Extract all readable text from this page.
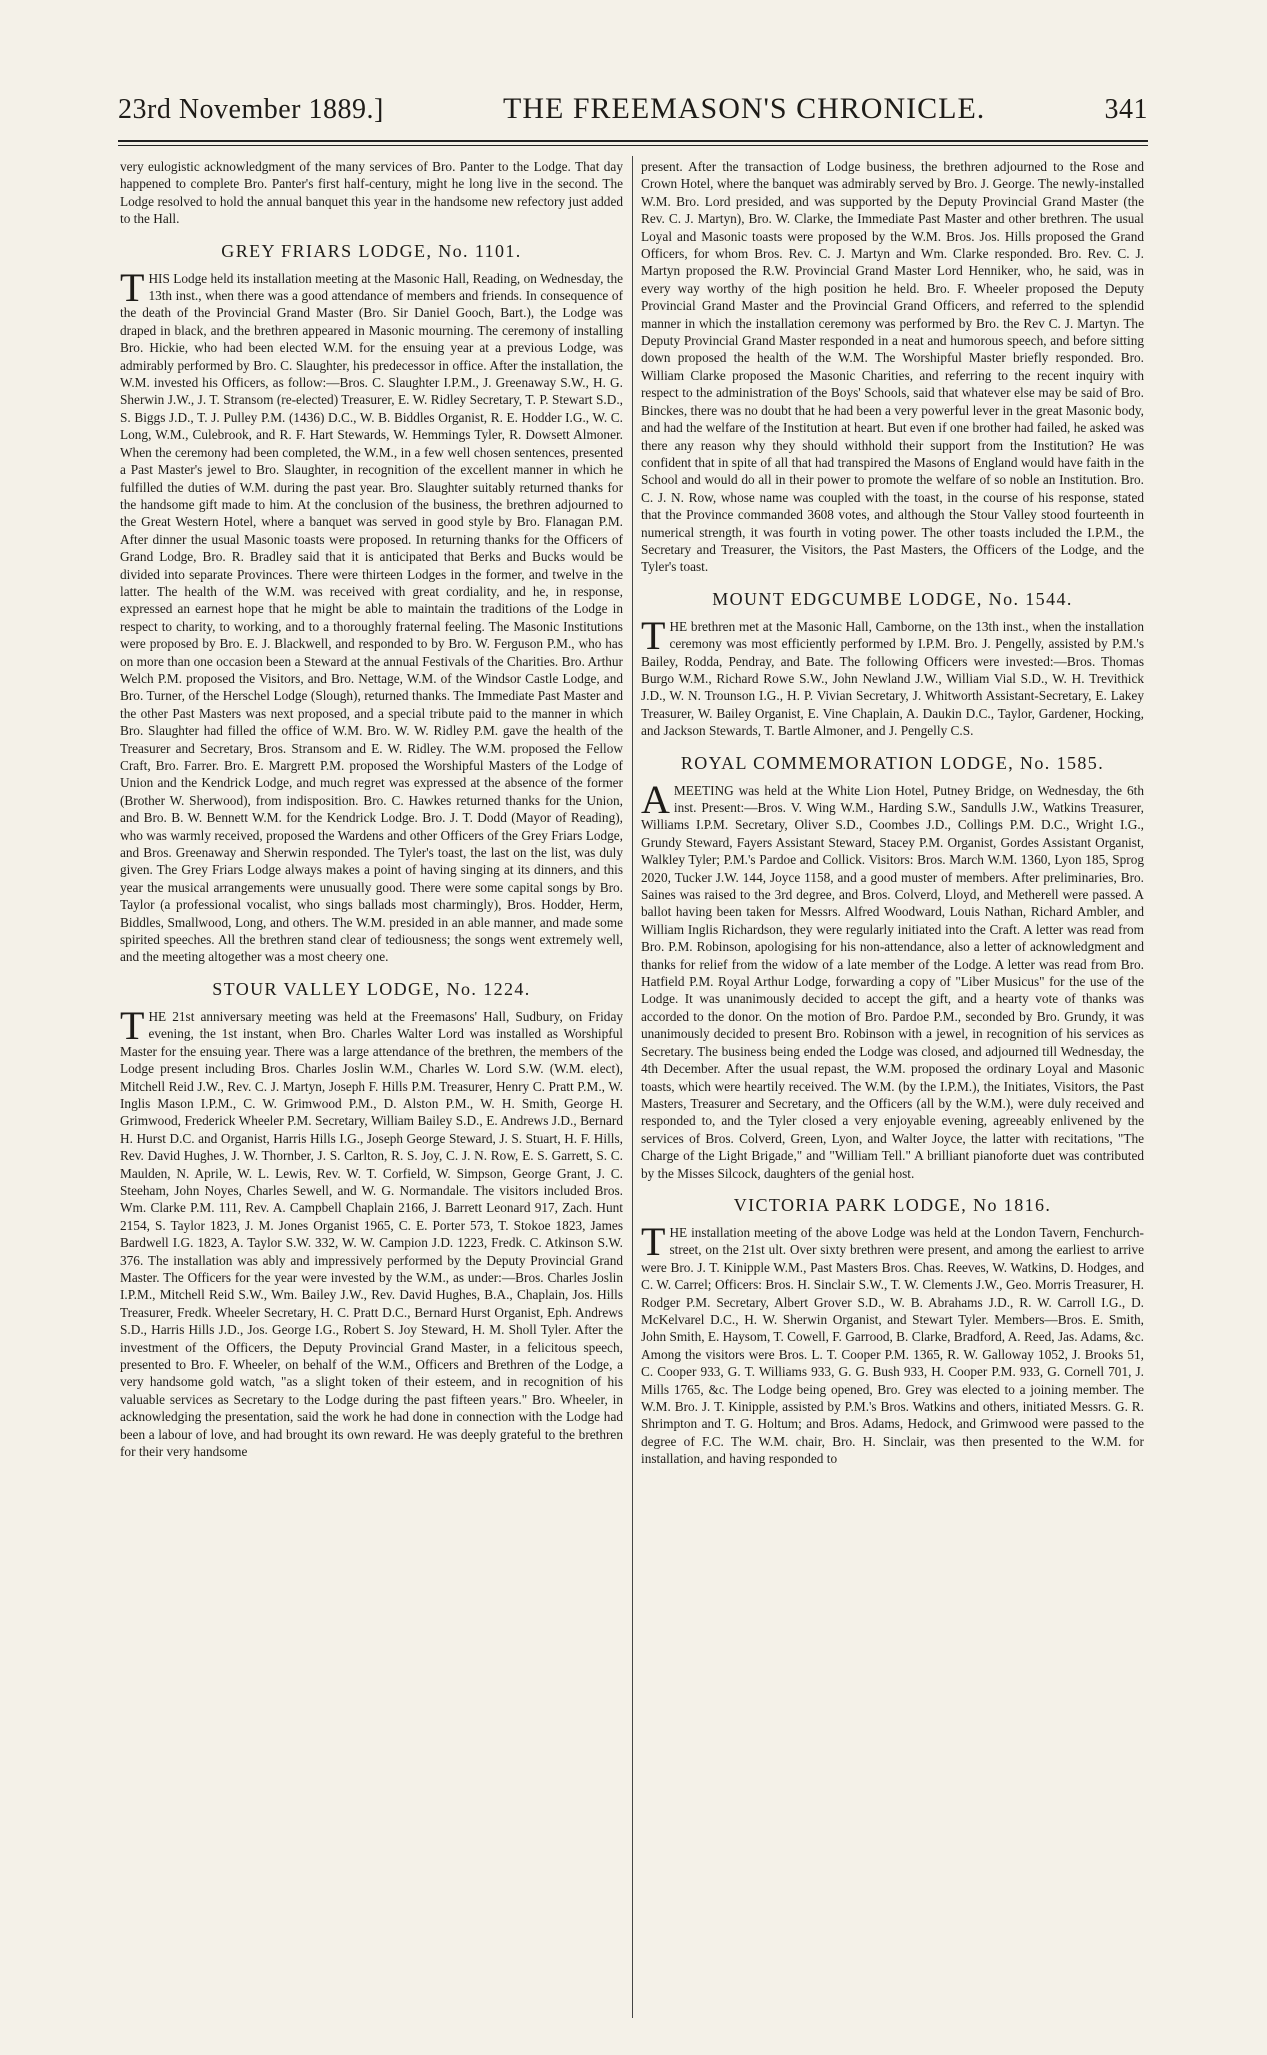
23rd November 1889.]	THE FREEMASON'S CHRONICLE.	341

very eulogistic acknowledgment of the many services of Bro. Panter to the Lodge. That day happened to complete Bro. Panter's first half-century, might he long live in the second. The Lodge resolved to hold the annual banquet this year in the handsome new refectory just added to the Hall.

GREY FRIARS LODGE, No. 1101.

THIS Lodge held its installation meeting at the Masonic Hall, Reading, on Wednesday, the 13th inst., when there was a good attendance of members and friends. In consequence of the death of the Provincial Grand Master (Bro. Sir Daniel Gooch, Bart.), the Lodge was draped in black, and the brethren appeared in Masonic mourning. The ceremony of installing Bro. Hickie, who had been elected W.M. for the ensuing year at a previous Lodge, was admirably performed by Bro. C. Slaughter, his predecessor in office. After the installation, the W.M. invested his Officers, as follow:—Bros. C. Slaughter I.P.M., J. Greenaway S.W., H. G. Sherwin J.W., J. T. Stransom (re-elected) Treasurer, E. W. Ridley Secretary, T. P. Stewart S.D., S. Biggs J.D., T. J. Pulley P.M. (1436) D.C., W. B. Biddles Organist, R. E. Hodder I.G., W. C. Long, W.M., Culebrook, and R. F. Hart Stewards, W. Hemmings Tyler, R. Dowsett Almoner. When the ceremony had been completed, the W.M., in a few well chosen sentences, presented a Past Master's jewel to Bro. Slaughter, in recognition of the excellent manner in which he fulfilled the duties of W.M. during the past year. Bro. Slaughter suitably returned thanks for the handsome gift made to him. At the conclusion of the business, the brethren adjourned to the Great Western Hotel, where a banquet was served in good style by Bro. Flanagan P.M. After dinner the usual Masonic toasts were proposed. In returning thanks for the Officers of Grand Lodge, Bro. R. Bradley said that it is anticipated that Berks and Bucks would be divided into separate Provinces. There were thirteen Lodges in the former, and twelve in the latter. The health of the W.M. was received with great cordiality, and he, in response, expressed an earnest hope that he might be able to maintain the traditions of the Lodge in respect to charity, to working, and to a thoroughly fraternal feeling. The Masonic Institutions were proposed by Bro. E. J. Blackwell, and responded to by Bro. W. Ferguson P.M., who has on more than one occasion been a Steward at the annual Festivals of the Charities. Bro. Arthur Welch P.M. proposed the Visitors, and Bro. Nettage, W.M. of the Windsor Castle Lodge, and Bro. Turner, of the Herschel Lodge (Slough), returned thanks. The Immediate Past Master and the other Past Masters was next proposed, and a special tribute paid to the manner in which Bro. Slaughter had filled the office of W.M. Bro. W. W. Ridley P.M. gave the health of the Treasurer and Secretary, Bros. Stransom and E. W. Ridley. The W.M. proposed the Fellow Craft, Bro. Farrer. Bro. E. Margrett P.M. proposed the Worshipful Masters of the Lodge of Union and the Kendrick Lodge, and much regret was expressed at the absence of the former (Brother W. Sherwood), from indisposition. Bro. C. Hawkes returned thanks for the Union, and Bro. B. W. Bennett W.M. for the Kendrick Lodge. Bro. J. T. Dodd (Mayor of Reading), who was warmly received, proposed the Wardens and other Officers of the Grey Friars Lodge, and Bros. Greenaway and Sherwin responded. The Tyler's toast, the last on the list, was duly given. The Grey Friars Lodge always makes a point of having singing at its dinners, and this year the musical arrangements were unusually good. There were some capital songs by Bro. Taylor (a professional vocalist, who sings ballads most charmingly), Bros. Hodder, Herm, Biddles, Smallwood, Long, and others. The W.M. presided in an able manner, and made some spirited speeches. All the brethren stand clear of tediousness; the songs went extremely well, and the meeting altogether was a most cheery one.

STOUR VALLEY LODGE, No. 1224.

THE 21st anniversary meeting was held at the Freemasons' Hall, Sudbury, on Friday evening, the 1st instant, when Bro. Charles Walter Lord was installed as Worshipful Master for the ensuing year. There was a large attendance of the brethren, the members of the Lodge present including Bros. Charles Joslin W.M., Charles W. Lord S.W. (W.M. elect), Mitchell Reid J.W., Rev. C. J. Martyn, Joseph F. Hills P.M. Treasurer, Henry C. Pratt P.M., W. Inglis Mason I.P.M., C. W. Grimwood P.M., D. Alston P.M., W. H. Smith, George H. Grimwood, Frederick Wheeler P.M. Secretary, William Bailey S.D., E. Andrews J.D., Bernard H. Hurst D.C. and Organist, Harris Hills I.G., Joseph George Steward, J. S. Stuart, H. F. Hills, Rev. David Hughes, J. W. Thornber, J. S. Carlton, R. S. Joy, C. J. N. Row, E. S. Garrett, S. C. Maulden, N. Aprile, W. L. Lewis, Rev. W. T. Corfield, W. Simpson, George Grant, J. C. Steeham, John Noyes, Charles Sewell, and W. G. Normandale. The visitors included Bros. Wm. Clarke P.M. 111, Rev. A. Campbell Chaplain 2166, J. Barrett Leonard 917, Zach. Hunt 2154, S. Taylor 1823, J. M. Jones Organist 1965, C. E. Porter 573, T. Stokoe 1823, James Bardwell I.G. 1823, A. Taylor S.W. 332, W. W. Campion J.D. 1223, Fredk. C. Atkinson S.W. 376. The installation was ably and impressively performed by the Deputy Provincial Grand Master. The Officers for the year were invested by the W.M., as under:—Bros. Charles Joslin I.P.M., Mitchell Reid S.W., Wm. Bailey J.W., Rev. David Hughes, B.A., Chaplain, Jos. Hills Treasurer, Fredk. Wheeler Secretary, H. C. Pratt D.C., Bernard Hurst Organist, Eph. Andrews S.D., Harris Hills J.D., Jos. George I.G., Robert S. Joy Steward, H. M. Sholl Tyler. After the investment of the Officers, the Deputy Provincial Grand Master, in a felicitous speech, presented to Bro. F. Wheeler, on behalf of the W.M., Officers and Brethren of the Lodge, a very handsome gold watch, "as a slight token of their esteem, and in recognition of his valuable services as Secretary to the Lodge during the past fifteen years." Bro. Wheeler, in acknowledging the presentation, said the work he had done in connection with the Lodge had been a labour of love, and had brought its own reward. He was deeply grateful to the brethren for their very handsome

present. After the transaction of Lodge business, the brethren adjourned to the Rose and Crown Hotel, where the banquet was admirably served by Bro. J. George. The newly-installed W.M. Bro. Lord presided, and was supported by the Deputy Provincial Grand Master (the Rev. C. J. Martyn), Bro. W. Clarke, the Immediate Past Master and other brethren. The usual Loyal and Masonic toasts were proposed by the W.M. Bros. Jos. Hills proposed the Grand Officers, for whom Bros. Rev. C. J. Martyn and Wm. Clarke responded. Bro. Rev. C. J. Martyn proposed the R.W. Provincial Grand Master Lord Henniker, who, he said, was in every way worthy of the high position he held. Bro. F. Wheeler proposed the Deputy Provincial Grand Master and the Provincial Grand Officers, and referred to the splendid manner in which the installation ceremony was performed by Bro. the Rev C. J. Martyn. The Deputy Provincial Grand Master responded in a neat and humorous speech, and before sitting down proposed the health of the W.M. The Worshipful Master briefly responded. Bro. William Clarke proposed the Masonic Charities, and referring to the recent inquiry with respect to the administration of the Boys' Schools, said that whatever else may be said of Bro. Binckes, there was no doubt that he had been a very powerful lever in the great Masonic body, and had the welfare of the Institution at heart. But even if one brother had failed, he asked was there any reason why they should withhold their support from the Institution? He was confident that in spite of all that had transpired the Masons of England would have faith in the School and would do all in their power to promote the welfare of so noble an Institution. Bro. C. J. N. Row, whose name was coupled with the toast, in the course of his response, stated that the Province commanded 3608 votes, and although the Stour Valley stood fourteenth in numerical strength, it was fourth in voting power. The other toasts included the I.P.M., the Secretary and Treasurer, the Visitors, the Past Masters, the Officers of the Lodge, and the Tyler's toast.

MOUNT EDGCUMBE LODGE, No. 1544.

THE brethren met at the Masonic Hall, Camborne, on the 13th inst., when the installation ceremony was most efficiently performed by I.P.M. Bro. J. Pengelly, assisted by P.M.'s Bailey, Rodda, Pendray, and Bate. The following Officers were invested:—Bros. Thomas Burgo W.M., Richard Rowe S.W., John Newland J.W., William Vial S.D., W. H. Trevithick J.D., W. N. Trounson I.G., H. P. Vivian Secretary, J. Whitworth Assistant-Secretary, E. Lakey Treasurer, W. Bailey Organist, E. Vine Chaplain, A. Daukin D.C., Taylor, Gardener, Hocking, and Jackson Stewards, T. Bartle Almoner, and J. Pengelly C.S.

ROYAL COMMEMORATION LODGE, No. 1585.

AMEETING was held at the White Lion Hotel, Putney Bridge, on Wednesday, the 6th inst. Present:—Bros. V. Wing W.M., Harding S.W., Sandulls J.W., Watkins Treasurer, Williams I.P.M. Secretary, Oliver S.D., Coombes J.D., Collings P.M. D.C., Wright I.G., Grundy Steward, Fayers Assistant Steward, Stacey P.M. Organist, Gordes Assistant Organist, Walkley Tyler; P.M.'s Pardoe and Collick. Visitors: Bros. March W.M. 1360, Lyon 185, Sprog 2020, Tucker J.W. 144, Joyce 1158, and a good muster of members. After preliminaries, Bro. Saines was raised to the 3rd degree, and Bros. Colverd, Lloyd, and Metherell were passed. A ballot having been taken for Messrs. Alfred Woodward, Louis Nathan, Richard Ambler, and William Inglis Richardson, they were regularly initiated into the Craft. A letter was read from Bro. P.M. Robinson, apologising for his non-attendance, also a letter of acknowledgment and thanks for relief from the widow of a late member of the Lodge. A letter was read from Bro. Hatfield P.M. Royal Arthur Lodge, forwarding a copy of "Liber Musicus" for the use of the Lodge. It was unanimously decided to accept the gift, and a hearty vote of thanks was accorded to the donor. On the motion of Bro. Pardoe P.M., seconded by Bro. Grundy, it was unanimously decided to present Bro. Robinson with a jewel, in recognition of his services as Secretary. The business being ended the Lodge was closed, and adjourned till Wednesday, the 4th December. After the usual repast, the W.M. proposed the ordinary Loyal and Masonic toasts, which were heartily received. The W.M. (by the I.P.M.), the Initiates, Visitors, the Past Masters, Treasurer and Secretary, and the Officers (all by the W.M.), were duly received and responded to, and the Tyler closed a very enjoyable evening, agreeably enlivened by the services of Bros. Colverd, Green, Lyon, and Walter Joyce, the latter with recitations, "The Charge of the Light Brigade," and "William Tell." A brilliant pianoforte duet was contributed by the Misses Silcock, daughters of the genial host.

VICTORIA PARK LODGE, No 1816.

THE installation meeting of the above Lodge was held at the London Tavern, Fenchurch-street, on the 21st ult. Over sixty brethren were present, and among the earliest to arrive were Bro. J. T. Kinipple W.M., Past Masters Bros. Chas. Reeves, W. Watkins, D. Hodges, and C. W. Carrel; Officers: Bros. H. Sinclair S.W., T. W. Clements J.W., Geo. Morris Treasurer, H. Rodger P.M. Secretary, Albert Grover S.D., W. B. Abrahams J.D., R. W. Carroll I.G., D. McKelvarel D.C., H. W. Sherwin Organist, and Stewart Tyler. Members—Bros. E. Smith, John Smith, E. Haysom, T. Cowell, F. Garrood, B. Clarke, Bradford, A. Reed, Jas. Adams, &c. Among the visitors were Bros. L. T. Cooper P.M. 1365, R. W. Galloway 1052, J. Brooks 51, C. Cooper 933, G. T. Williams 933, G. G. Bush 933, H. Cooper P.M. 933, G. Cornell 701, J. Mills 1765, &c. The Lodge being opened, Bro. Grey was elected to a joining member. The W.M. Bro. J. T. Kinipple, assisted by P.M.'s Bros. Watkins and others, initiated Messrs. G. R. Shrimpton and T. G. Holtum; and Bros. Adams, Hedock, and Grimwood were passed to the degree of F.C. The W.M. chair, Bro. H. Sinclair, was then presented to the W.M. for installation, and having responded to
